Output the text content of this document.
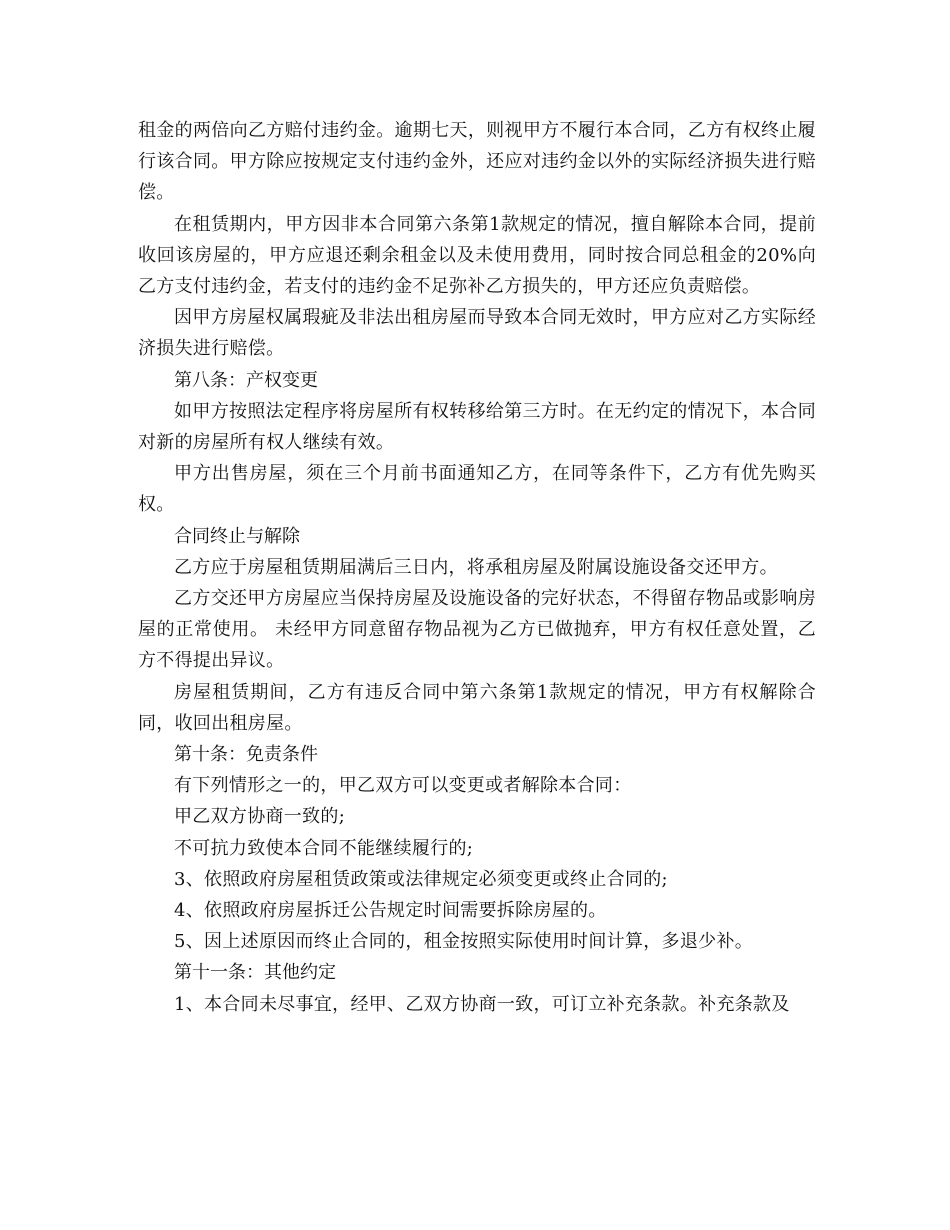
租金的两倍向乙方赔付违约金。逾期七天，则视甲方不履行本合同，乙方有权终止履行该合同。甲方除应按规定支付违约金外，还应对违约金以外的实际经济损失进行赔偿。

在租赁期内，甲方因非本合同第六条第1款规定的情况，擅自解除本合同，提前收回该房屋的，甲方应退还剩余租金以及未使用费用，同时按合同总租金的20%向乙方支付违约金，若支付的违约金不足弥补乙方损失的，甲方还应负责赔偿。

因甲方房屋权属瑕疵及非法出租房屋而导致本合同无效时，甲方应对乙方实际经济损失进行赔偿。

第八条：产权变更

如甲方按照法定程序将房屋所有权转移给第三方时。在无约定的情况下，本合同对新的房屋所有权人继续有效。

甲方出售房屋，须在三个月前书面通知乙方，在同等条件下，乙方有优先购买权。

合同终止与解除

乙方应于房屋租赁期届满后三日内，将承租房屋及附属设施设备交还甲方。

乙方交还甲方房屋应当保持房屋及设施设备的完好状态，不得留存物品或影响房屋的正常使用。 未经甲方同意留存物品视为乙方已做抛弃，甲方有权任意处置，乙方不得提出异议。

房屋租赁期间，乙方有违反合同中第六条第1款规定的情况，甲方有权解除合同，收回出租房屋。

第十条：免责条件

有下列情形之一的，甲乙双方可以变更或者解除本合同：

甲乙双方协商一致的;

不可抗力致使本合同不能继续履行的;

3、依照政府房屋租赁政策或法律规定必须变更或终止合同的;

4、依照政府房屋拆迁公告规定时间需要拆除房屋的。

5、因上述原因而终止合同的，租金按照实际使用时间计算，多退少补。

第十一条：其他约定

1、本合同未尽事宜，经甲、乙双方协商一致，可订立补充条款。补充条款及
